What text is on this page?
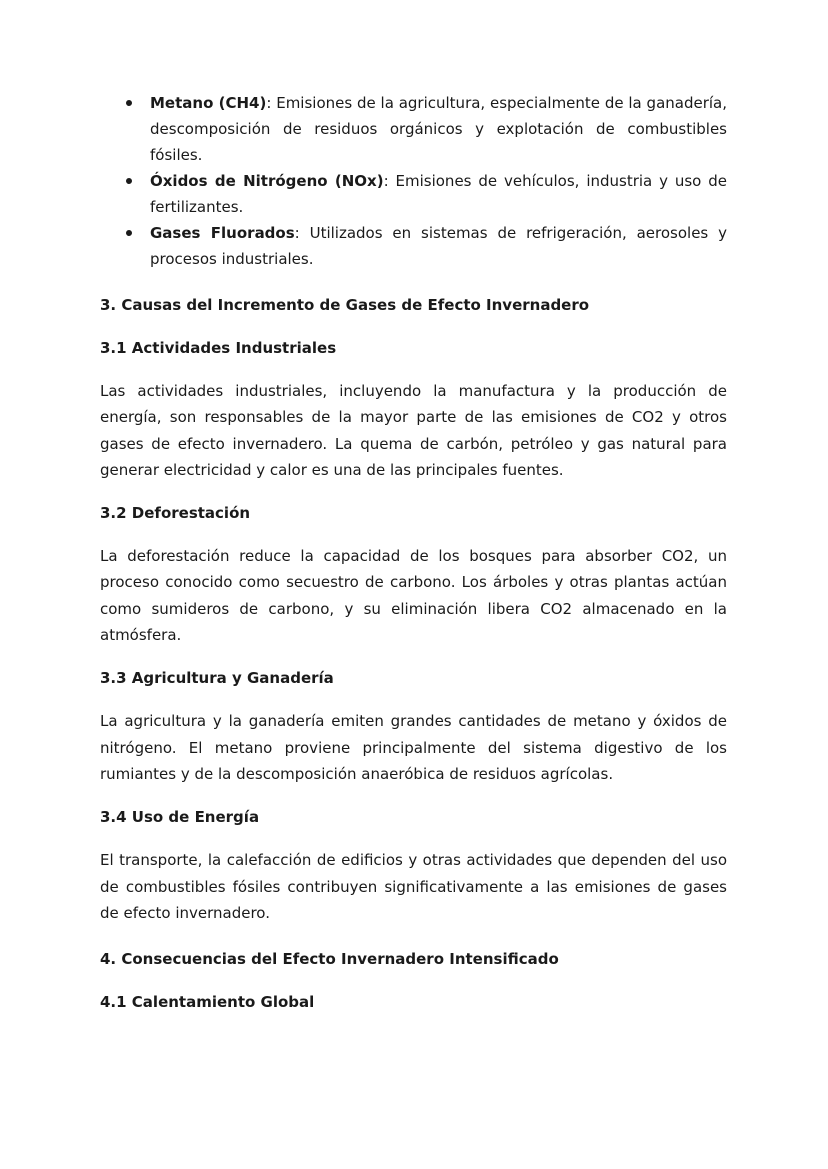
Metano (CH4): Emisiones de la agricultura, especialmente de la ganadería, descomposición de residuos orgánicos y explotación de combustibles fósiles.
Óxidos de Nitrógeno (NOx): Emisiones de vehículos, industria y uso de fertilizantes.
Gases Fluorados: Utilizados en sistemas de refrigeración, aerosoles y procesos industriales.
3. Causas del Incremento de Gases de Efecto Invernadero
3.1 Actividades Industriales

Las actividades industriales, incluyendo la manufactura y la producción de energía, son responsables de la mayor parte de las emisiones de CO2 y otros gases de efecto invernadero. La quema de carbón, petróleo y gas natural para generar electricidad y calor es una de las principales fuentes.

3.2 Deforestación

La deforestación reduce la capacidad de los bosques para absorber CO2, un proceso conocido como secuestro de carbono. Los árboles y otras plantas actúan como sumideros de carbono, y su eliminación libera CO2 almacenado en la atmósfera.

3.3 Agricultura y Ganadería

La agricultura y la ganadería emiten grandes cantidades de metano y óxidos de nitrógeno. El metano proviene principalmente del sistema digestivo de los rumiantes y de la descomposición anaeróbica de residuos agrícolas.

3.4 Uso de Energía

El transporte, la calefacción de edificios y otras actividades que dependen del uso de combustibles fósiles contribuyen significativamente a las emisiones de gases de efecto invernadero.

4. Consecuencias del Efecto Invernadero Intensificado
4.1 Calentamiento Global
